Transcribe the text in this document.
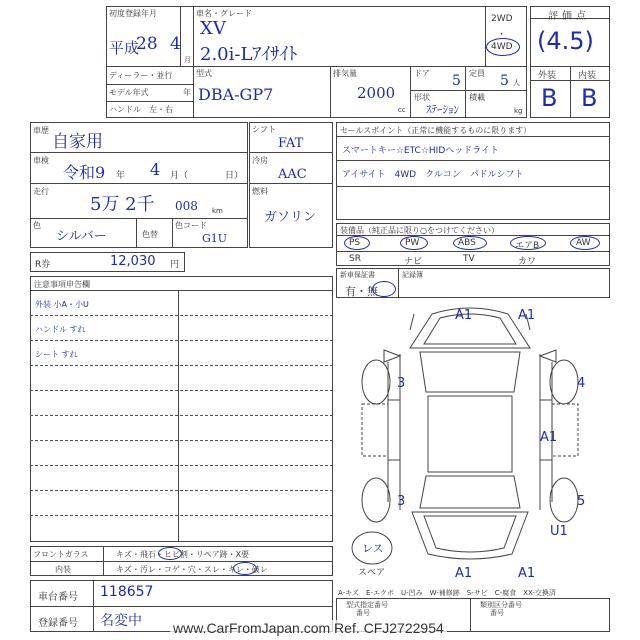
初度登録年月
平成
28 4
月
車名・グレード
XV
2.0i-Lｱｲｻｲﾄ
ディーラー・並行
モデル年式	年
ハンドル　左・右
型式
DBA-GP7
排気量
2000
cc
ドア 5 定員 5 人
形状
ｽﾃｰｼｮﾝ
積載
kg
2WD
・
4WD
評価点
(4.5)
外装 内装
B B
車歴
自家用
車検
令和9 年 4 月（	日）
走行
5万 2千 008 km
色
シルバー	色替
色コード
G1U
シフト
FAT
冷房
AAC
燃料
ガソリン
セールスポイント（正常に機能するものに限ります）
スマートキー☆ETC☆HIDヘッドライト
アイサイト　4WD　クルコン　パドルシフト
装備品（純正品に限り○をつけてください）
PS	PW	ABS	エアB	AW
SR	ナビ	TV	カワ
新車保証書
有・無
記録簿
R券	12,030 円
注意事項申告欄
外装 小A・小U
ハンドル すれ
シート すれ
A1	A1
3	4
A1
3	5
U1
A1	A1
レス
スペア
A-キズ　E-エクボ　U-凹み　W-補修跡　S-サビ　C-腐食　XX-交換済
フロントガラス	キズ・飛石・ヒビ割・リペア跡・X要
内装	キズ・汚レ・コゲ・穴・スレ・キレ・破レ
車台番号 118657
登録番号 名変中
型式指定番号
番号
類別区分番号
番号
www.CarFromJapan.com Ref. CFJ2722954
